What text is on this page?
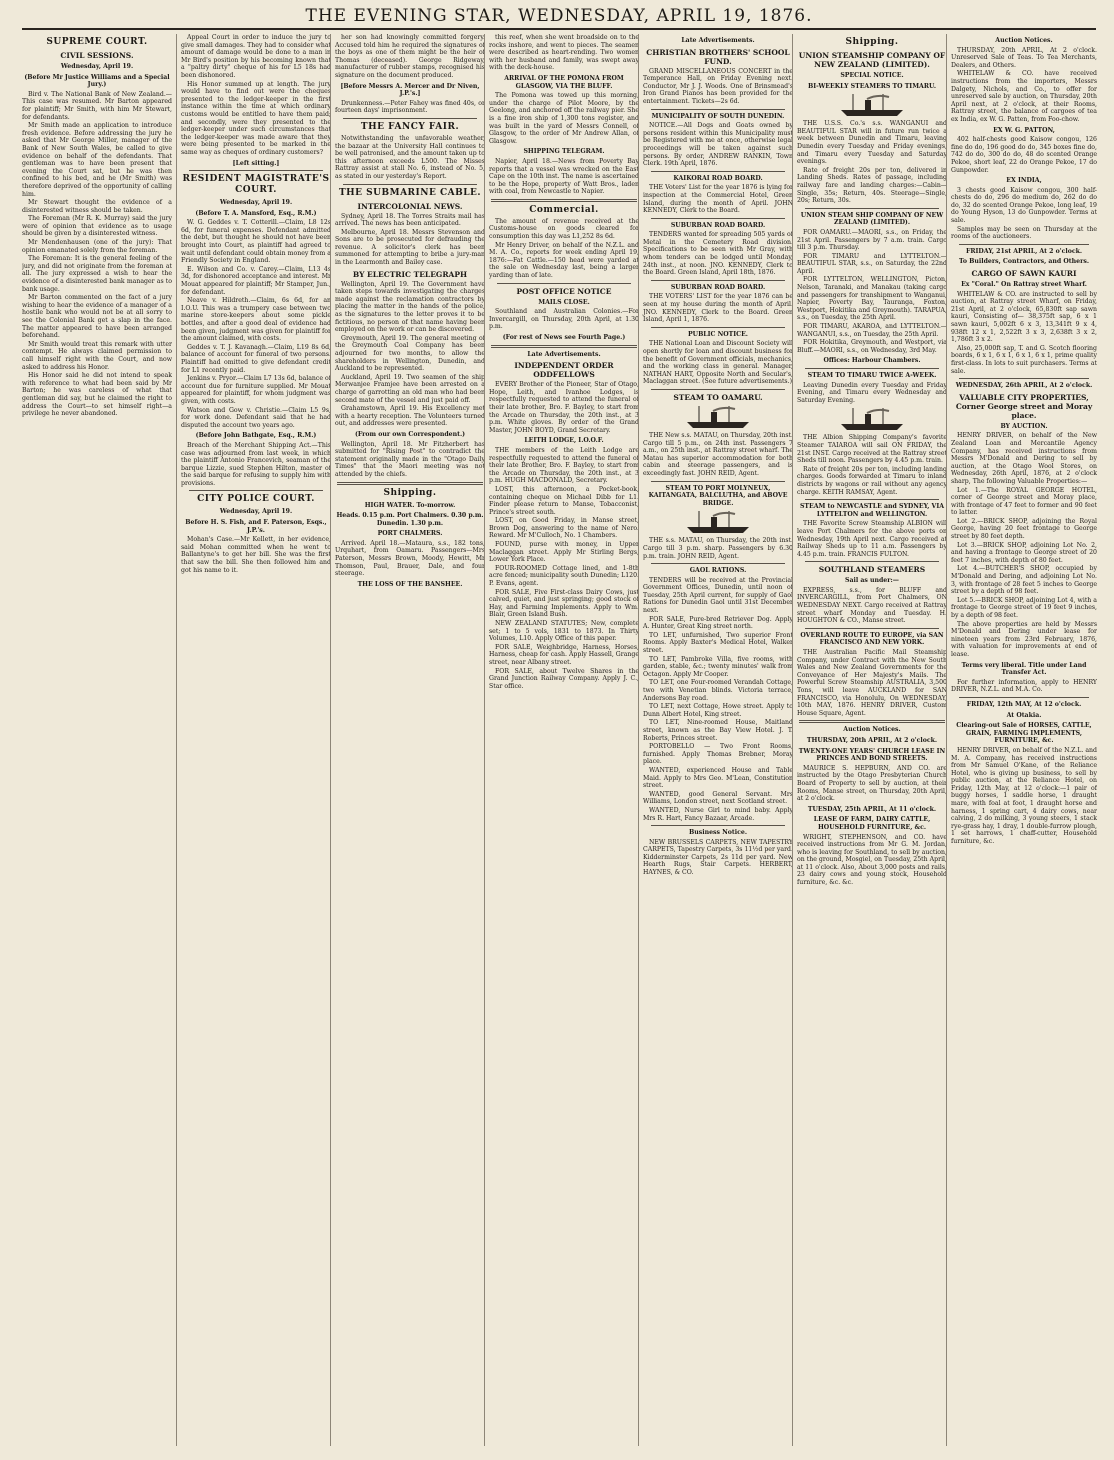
THE EVENING STAR, WEDNESDAY, APRIL 19, 1876.
SUPREME COURT.
CIVIL SESSIONS.
Wednesday, April 19.
(Before Mr Justice Williams and a Special Jury.)

Bird v. The National Bank of New Zealand.—This case was resumed. Mr Barton appeared for plaintiff; Mr Smith, with him Mr Stewart, for defendants.

Mr Smith made an application to introduce fresh evidence. Before addressing the jury he asked that Mr George Miller, manager of the Bank of New South Wales, be called to give evidence on behalf of the defendants. That gentleman was to have been present that evening the Court sat, but he was then confined to his bed, and he (Mr Smith) was therefore deprived of the opportunity of calling him.

Mr Stewart thought the evidence of a disinterested witness should be taken.

The Foreman (Mr R. K. Murray) said the jury were of opinion that evidence as to usage should be given by a disinterested witness.

Mr Mendenhausen (one of the jury): That opinion emanated solely from the foreman.

The Foreman: It is the general feeling of the jury, and did not originate from the foreman at all. The jury expressed a wish to hear the evidence of a disinterested bank manager as to bank usage.

Mr Barton commented on the fact of a jury wishing to hear the evidence of a manager of a hostile bank who would not be at all sorry to see the Colonial Bank get a slap in the face. The matter appeared to have been arranged beforehand.

Mr Smith would treat this remark with utter contempt. He always claimed permission to call himself right with the Court, and now asked to address his Honor.

His Honor said he did not intend to speak with reference to what had been said by Mr Barton; he was careless of what that gentleman did say, but he claimed the right to address the Court—to set himself right—a privilege he never abandoned.

Appeal Court in order to induce the jury to give small damages. They had to consider what amount of damage would be done to a man in Mr Bird's position by his becoming known that a "paltry dirty" cheque of his for L5 18s had been dishonored.

His Honor summed up at length. The jury would have to find out were the cheques presented to the ledger-keeper in the first instance within the time at which ordinary customs would be entitled to have them paid; and secondly, were they presented to the ledger-keeper under such circumstances that the ledger-keeper was made aware that they were being presented to be marked in the same way as cheques of ordinary customers?

[Left sitting.]
RESIDENT MAGISTRATE'S COURT.
Wednesday, April 19.
(Before T. A. Mansford, Esq., R.M.)

W. G. Geddes v. T. Cotterill.—Claim, L8 12s 6d, for funeral expenses. Defendant admitted the debt, but thought he should not have been brought into Court, as plaintiff had agreed to wait until defendant could obtain money from a Friendly Society in England.

E. Wilson and Co. v. Carey.—Claim, L13 4s 3d, for dishonored acceptance and interest. Mr Mouat appeared for plaintiff; Mr Stamper, Jun., for defendant.

Neave v. Hildreth.—Claim, 6s 6d, for an I.O.U. This was a trumpery case between two marine store-keepers about some pickle bottles, and after a good deal of evidence had been given, judgment was given for plaintiff for the amount claimed, with costs.

Geddes v. T. J. Kavanagh.—Claim, L19 8s 6d, balance of account for funeral of two persons. Plaintiff had omitted to give defendant credit for L1 recently paid.

Jenkins v. Pryor.—Claim L7 13s 6d, balance of account due for furniture supplied. Mr Mouat appeared for plaintiff, for whom judgment was given, with costs.

Watson and Gow v. Christie.—Claim L5 9s, for work done. Defendant said that he had disputed the account two years ago.

(Before John Bathgate, Esq., R.M.)

Breach of the Merchant Shipping Act.—This case was adjourned from last week, in which the plaintiff Antonio Francevich, seaman of the barque Lizzie, sued Stephen Hilton, master of the said barque for refusing to supply him with provisions.

CITY POLICE COURT.
Wednesday, April 19.
Before H. S. Fish, and F. Paterson, Esqs., J.P.'s.

Mohan's Case.—Mr Kellett, in her evidence, said Mohan committed when he went to Ballantyne's to get her bill. She was the first that saw the bill. She then followed him and got his name to it.

her son had knowingly committed forgery. Accused told him he required the signatures of the boys as one of them might be the heir of Thomas (deceased). George Ridgeway, manufacturer of rubber stamps, recognised his signature on the document produced.

[Before Messrs A. Mercer and Dr Niven, J.P.'s.]

Drunkenness.—Peter Fahey was fined 40s, or fourteen days' imprisonment.

THE FANCY FAIR.

Notwithstanding the unfavorable weather, the bazaar at the University Hall continues to be well patronised, and the amount taken up to this afternoon exceeds L500. The Misses Rattray assist at stall No. 6, instead of No. 5, as stated in our yesterday's Report.

THE SUBMARINE CABLE.
INTERCOLONIAL NEWS.

Sydney, April 18. The Torres Straits mail has arrived. The news has been anticipated.

Melbourne, April 18. Messrs Stevenson and Sons are to be prosecuted for defrauding the revenue. A solicitor's clerk has been summoned for attempting to bribe a jury-man in the Learmonth and Bailey case.

BY ELECTRIC TELEGRAPH

Wellington, April 19. The Government have taken steps towards investigating the charges made against the reclamation contractors by placing the matter in the hands of the police, as the signatures to the letter proves it to be fictitious, no person of that name having been employed on the work or can be discovered.

Greymouth, April 19. The general meeting of the Greymouth Coal Company has been adjourned for two months, to allow the shareholders in Wellington, Dunedin, and Auckland to be represented.

Auckland, April 19. Two seamen of the ship Merwanjee Framjee have been arrested on a charge of garrotting an old man who had been second mate of the vessel and just paid off.

Grahamstown, April 19. His Excellency met with a hearty reception. The Volunteers turned out, and addresses were presented.

(From our own Correspondent.)

Wellington, April 18. Mr Fitzherbert has submitted for "Rising Post" to contradict the statement originally made in the "Otago Daily Times" that the Maori meeting was not attended by the chiefs.

Shipping.
HIGH WATER. To-morrow.
Heads. 0.15 p.m. Port Chalmers. 0.30 p.m. Dunedin. 1.30 p.m.
PORT CHALMERS.

Arrived. April 18.—Mataura, s.s., 182 tons, Urquhart, from Oamaru. Passengers—Mrs Paterson, Messrs Brown, Moody, Hewitt, Mr Thomson, Paul, Brauer, Dale, and four steerage.

THE LOSS OF THE BANSHEE.

this reef, when she went broadside on to the rocks inshore, and went to pieces. The seamen were described as heart-rending. Two women with her husband and family, was swept away with the deck-house.

ARRIVAL OF THE POMONA FROM GLASGOW, VIA THE BLUFF.

The Pomona was towed up this morning, under the charge of Pilot Moore, by the Geelong, and anchored off the railway pier. She is a fine iron ship of 1,300 tons register, and was built in the yard of Messrs Connell, of Glasgow, to the order of Mr Andrew Allan, of Glasgow.

SHIPPING TELEGRAM.

Napier, April 18.—News from Poverty Bay reports that a vessel was wrecked on the East Cape on the 10th inst. The name is ascertained to be the Hope, property of Watt Bros., laden with coal, from Newcastle to Napier.

Commercial.

The amount of revenue received at the Customs-house on goods cleared for consumption this day was L1,252 8s 6d.

Mr Henry Driver, on behalf of the N.Z.L. and M. A. Co., reports for week ending April 19, 1876:—Fat Cattle.—150 head were yarded at the sale on Wednesday last, being a larger yarding than of late.

POST OFFICE NOTICE
MAILS CLOSE.

Southland and Australian Colonies.—For Invercargill, on Thursday, 20th April, at 1.30 p.m.

(For rest of News see Fourth Page.)
Late Advertisements.
INDEPENDENT ORDER ODDFELLOWS

EVERY Brother of the Pioneer, Star of Otago, Hope, Leith, and Ivanhoe Lodges, is respectfully requested to attend the funeral of their late brother, Bro. F. Bayley, to start from the Arcade on Thursday, the 20th inst., at 3 p.m. White gloves. By order of the Grand Master, JOHN BOYD, Grand Secretary.

LEITH LODGE, I.O.O.F.

THE members of the Leith Lodge are respectfully requested to attend the funeral of their late Brother, Bro. F. Bayley, to start from the Arcade on Thursday, the 20th inst., at 3 p.m. HUGH MACDONALD, Secretary.

LOST, this afternoon, a Pocket-book, containing cheque on Michael Dibb for L1. Finder please return to Manse, Tobacconist, Prince's street south.

LOST, on Good Friday, in Manse street, Brown Dog, answering to the name of Nero. Reward. Mr M'Culloch, No. 1 Chambers.

FOUND, purse with money, in Upper Maclaggan street. Apply Mr Stirling Bergs, Lower York Place.

FOUR-ROOMED Cottage lined, and 1-8th acre fenced; municipality south Dunedin; L120. P. Evans, agent.

FOR SALE, Five First-class Dairy Cows, just calved, quiet, and just springing; good stock of Hay, and Farming Implements. Apply to Wm. Blair, Green Island Bush.

NEW ZEALAND STATUTES; New, complete set; 1 to 5 vols, 1831 to 1873. In Thirty Volumes, L10. Apply Office of this paper.

FOR SALE, Weighbridge, Harness, Horses, Harness, cheap for cash. Apply Hassell, Grange street, near Albany street.

FOR SALE, about Twelve Shares in the Grand Junction Railway Company. Apply J. C., Star office.

Late Advertisements.
CHRISTIAN BROTHERS' SCHOOL FUND.

GRAND MISCELLANEOUS CONCERT in the Temperance Hall, on Friday Evening next. Conductor, Mr J. J. Woods. One of Brinsmead's Iron Grand Pianos has been provided for the entertainment. Tickets—2s 6d.

MUNICIPALITY OF SOUTH DUNEDIN.

NOTICE.—All Dogs and Goats owned by persons resident within this Municipality must be Registered with me at once, otherwise legal proceedings will be taken against such persons. By order, ANDREW RANKIN, Town Clerk. 19th April, 1876.

KAIKORAI ROAD BOARD.

THE Voters' List for the year 1876 is lying for inspection at the Commercial Hotel, Green Island, during the month of April. JOHN KENNEDY, Clerk to the Board.

SUBURBAN ROAD BOARD.

TENDERS wanted for spreading 505 yards of Metal in the Cemetery Road division. Specifications to be seen with Mr Gray, with whom tenders can be lodged until Monday, 24th inst., at noon. JNO. KENNEDY, Clerk to the Board. Green Island, April 18th, 1876.

SUBURBAN ROAD BOARD.

THE VOTERS' LIST for the year 1876 can be seen at my house during the month of April. JNO. KENNEDY, Clerk to the Board. Green Island, April 1, 1876.

PUBLIC NOTICE.

THE National Loan and Discount Society will open shortly for loan and discount business for the benefit of Government officials, mechanics, and the working class in general. Manager, NATHAN HART, Opposite North and Secular's, Maclaggan street. (See future advertisements.)

STEAM TO OAMARU.

THE New s.s. MATAU, on Thursday, 20th inst. Cargo till 5 p.m., on 24th inst. Passengers 7 a.m., on 25th inst., at Rattray street wharf. The Matau has superior accommodation for both cabin and steerage passengers, and is exceedingly fast. JOHN REID, Agent.

STEAM TO PORT MOLYNEUX, KAITANGATA, BALCLUTHA, and ABOVE BRIDGE.

THE s.s. MATAU, on Thursday, the 20th inst. Cargo till 3 p.m. sharp. Passengers by 6.30 p.m. train. JOHN REID, Agent.

GAOL RATIONS.

TENDERS will be received at the Provincial Government Offices, Dunedin, until noon of Tuesday, 25th April current, for supply of Gaol Rations for Dunedin Gaol until 31st December next.

FOR SALE, Pure-bred Retriever Dog. Apply A. Hunter, Great King street north.

TO LET, unfurnished, Two superior Front Rooms. Apply Baxter's Medical Hotel, Walker street.

TO LET, Pambroke Villa, five rooms, with garden, stable, &c.; twenty minutes' walk from Octagon. Apply Mr Cooper.

TO LET, one Four-roomed Verandah Cottage, two with Venetian blinds. Victoria terrace, Andersons Bay road.

TO LET, next Cottage, Howe street. Apply to Dunn Albert Hotel, King street.

TO LET, Nine-roomed House, Maitland street, known as the Bay View Hotel. J. T. Roberts, Princes street.

PORTOBELLO — Two Front Rooms, furnished. Apply Thomas Brebner, Moray place.

WANTED, experienced House and Table Maid. Apply to Mrs Geo. M'Lean, Constitution street.

WANTED, good General Servant. Mrs Williams, London street, next Scotland street.

WANTED, Nurse Girl to mind baby. Apply Mrs R. Hart, Fancy Bazaar, Arcade.

Business Notice.

NEW BRUSSELS CARPETS, NEW TAPESTRY CARPETS, Tapestry Carpets, 3s 11½d per yard. Kidderminster Carpets, 2s 11d per yard. New Hearth Rugs, Stair Carpets. HERBERT, HAYNES, & CO.

Shipping.
UNION STEAMSHIP COMPANY OF NEW ZEALAND (LIMITED).
SPECIAL NOTICE.
BI-WEEKLY STEAMERS TO TIMARU.

THE U.S.S. Co.'s s.s. WANGANUI and BEAUTIFUL STAR will in future run twice a week between Dunedin and Timaru, leaving Dunedin every Tuesday and Friday evenings, and Timaru every Tuesday and Saturday evenings.

Rate of freight 20s per ton, delivered in Landing Sheds. Rates of passage, including railway fare and landing charges:—Cabin—Single, 35s; Return, 40s. Steerage—Single, 20s; Return, 30s.

UNION STEAM SHIP COMPANY OF NEW ZEALAND (LIMITED).

FOR OAMARU.—MAORI, s.s., on Friday, the 21st April. Passengers by 7 a.m. train. Cargo till 3 p.m. Thursday.

FOR TIMARU and LYTTELTON.—BEAUTIFUL STAR, s.s., on Saturday, the 22nd April.

FOR LYTTELTON, WELLINGTON, Picton, Nelson, Taranaki, and Manakau (taking cargo and passengers for transhipment to Wanganui, Napier, Poverty Bay, Tauranga, Foxton, Westport, Hokitika and Greymouth). TARAPUA, s.s., on Tuesday, the 25th April.

FOR TIMARU, AKAROA, and LYTTELTON.—WANGANUI, s.s., on Tuesday, the 25th April.

FOR Hokitika, Greymouth, and Westport, via Bluff.—MAORI, s.s., on Wednesday, 3rd May.

Offices: Harbour Chambers.
STEAM TO TIMARU TWICE A-WEEK.

Leaving Dunedin every Tuesday and Friday Evening, and Timaru every Wednesday and Saturday Evening.

THE Albion Shipping Company's favorite Steamer TAIAROA will sail ON FRIDAY, the 21st INST. Cargo received at the Rattray street Sheds till noon. Passengers by 4.45 p.m. train.

Rate of freight 20s per ton, including landing charges. Goods forwarded at Timaru to inland districts by wagons or rail without any agency charge. KEITH RAMSAY, Agent.

STEAM to NEWCASTLE and SYDNEY, VIA LYTTELTON and WELLINGTON.

THE Favorite Screw Steamship ALBION will leave Port Chalmers for the above ports on Wednesday, 19th April next. Cargo received at Railway Sheds up to 11 a.m. Passengers by 4.45 p.m. train. FRANCIS FULTON.

SOUTHLAND STEAMERS
Sail as under:—

EXPRESS, s.s., for BLUFF and INVERCARGILL, from Port Chalmers, ON WEDNESDAY NEXT. Cargo received at Rattray street wharf Monday and Tuesday. H. HOUGHTON & CO., Manse street.

OVERLAND ROUTE TO EUROPE, via SAN FRANCISCO AND NEW YORK.

THE Australian Pacific Mail Steamship Company, under Contract with the New South Wales and New Zealand Governments for the Conveyance of Her Majesty's Mails. The Powerful Screw Steamship AUSTRALIA, 3,500 Tons, will leave AUCKLAND for SAN FRANCISCO, via Honolulu, On WEDNESDAY, 10th MAY, 1876. HENRY DRIVER, Custom House Square, Agent.

Auction Notices.
THURSDAY, 20th APRIL, At 2 o'clock.
TWENTY-ONE YEARS' CHURCH LEASE IN PRINCES AND BOND STREETS.

MAURICE S. HEPBURN, AND CO. are instructed by the Otago Presbyterian Church Board of Property to sell by auction, at their Rooms, Manse street, on Thursday, 20th April, at 2 o'clock.

TUESDAY, 25th APRIL, At 11 o'clock.
LEASE OF FARM, DAIRY CATTLE, HOUSEHOLD FURNITURE, &c.

WRIGHT, STEPHENSON, and CO. have received instructions from Mr G. M. Jordan, who is leaving for Southland, to sell by auction, on the ground, Mosgiel, on Tuesday, 25th April, at 11 o'clock. Also, About 3,000 posts and rails, 23 dairy cows and young stock, Household furniture, &c. &c.

Auction Notices.

THURSDAY, 20th APRIL, At 2 o'clock. Unreserved Sale of Teas. To Tea Merchants, Dealers, and Others.

WHITELAW & CO. have received instructions from the importers, Messrs Dalgety, Nichols, and Co., to offer for unreserved sale by auction, on Thursday, 20th April next, at 2 o'clock, at their Rooms, Rattray street, the balance of cargoes of tea ex India, ex W. G. Patten, from Foo-chow.

EX W. G. PATTON,

402 half-chests good Kaisow congou, 126 fine do do, 196 good do do, 345 boxes fine do, 742 do do, 300 do do, 48 do scented Orange Pekoe, short leaf, 22 do Orange Pekoe, 17 do Gunpowder.

EX INDIA,

3 chests good Kaisow congou, 300 half-chests do do, 296 do medium do, 262 do do do, 32 do scented Orange Pekoe, long leaf, 19 do Young Hyson, 13 do Gunpowder. Terms at sale.

Samples may be seen on Thursday at the rooms of the auctioneers.

FRIDAY, 21st APRIL, At 2 o'clock.
To Builders, Contractors, and Others.
CARGO OF SAWN KAURI
Ex "Coral." On Rattray street Wharf.

WHITELAW & CO. are instructed to sell by auction, at Rattray street Wharf, on Friday, 21st April, at 2 o'clock, 65,830ft sap sawn kauri, Consisting of— 38,375ft sap, 6 x 1 sawn kauri, 5,002ft 6 x 3, 13,341ft 9 x 4, 938ft 12 x 1, 2,522ft 3 x 3, 2,638ft 3 x 2, 1,786ft 3 x 2.

Also, 25,000ft sap, T. and G. Scotch flooring boards, 6 x 1, 6 x 1, 6 x 1, 6 x 1, prime quality first-class. In lots to suit purchasers. Terms at sale.

WEDNESDAY, 26th APRIL, At 2 o'clock.
VALUABLE CITY PROPERTIES, Corner George street and Moray place.
BY AUCTION.

HENRY DRIVER, on behalf of the New Zealand Loan and Mercantile Agency Company, has received instructions from Messrs M'Donald and Dering to sell by auction, at the Otago Wool Stores, on Wednesday, 26th April, 1876, at 2 o'clock sharp, The following Valuable Properties:—

Lot 1.—The ROYAL GEORGE HOTEL, corner of George street and Moray place, with frontage of 47 feet to former and 90 feet to latter.

Lot 2.—BRICK SHOP, adjoining the Royal George, having 20 feet frontage to George street by 80 feet depth.

Lot 3.—BRICK SHOP, adjoining Lot No. 2, and having a frontage to George street of 20 feet 7 inches, with depth of 80 feet.

Lot 4.—BUTCHER'S SHOP, occupied by M'Donald and Dering, and adjoining Lot No. 3, with frontage of 28 feet 5 inches to George street by a depth of 98 feet.

Lot 5.—BRICK SHOP, adjoining Lot 4, with a frontage to George street of 19 feet 9 inches, by a depth of 98 feet.

The above properties are held by Messrs M'Donald and Dering under lease for nineteen years from 23rd February, 1876, with valuation for improvements at end of lease.

Terms very liberal. Title under Land Transfer Act.

For further information, apply to HENRY DRIVER, N.Z.L. and M.A. Co.

FRIDAY, 12th MAY, At 12 o'clock.
At Otakia.
Clearing-out Sale of HORSES, CATTLE, GRAIN, FARMING IMPLEMENTS, FURNITURE, &c.

HENRY DRIVER, on behalf of the N.Z.L. and M. A. Company, has received instructions from Mr Samuel O'Kane, of the Reliance Hotel, who is giving up business, to sell by public auction, at the Reliance Hotel, on Friday, 12th May, at 12 o'clock:—1 pair of buggy horses, 1 saddle horse, 1 draught mare, with foal at foot, 1 draught horse and harness, 1 spring cart, 4 dairy cows, near calving, 2 do milking, 3 young steers, 1 stack rye-grass hay, 1 dray, 1 double-furrow plough, 1 set harrows, 1 chaff-cutter, Household furniture, &c.
